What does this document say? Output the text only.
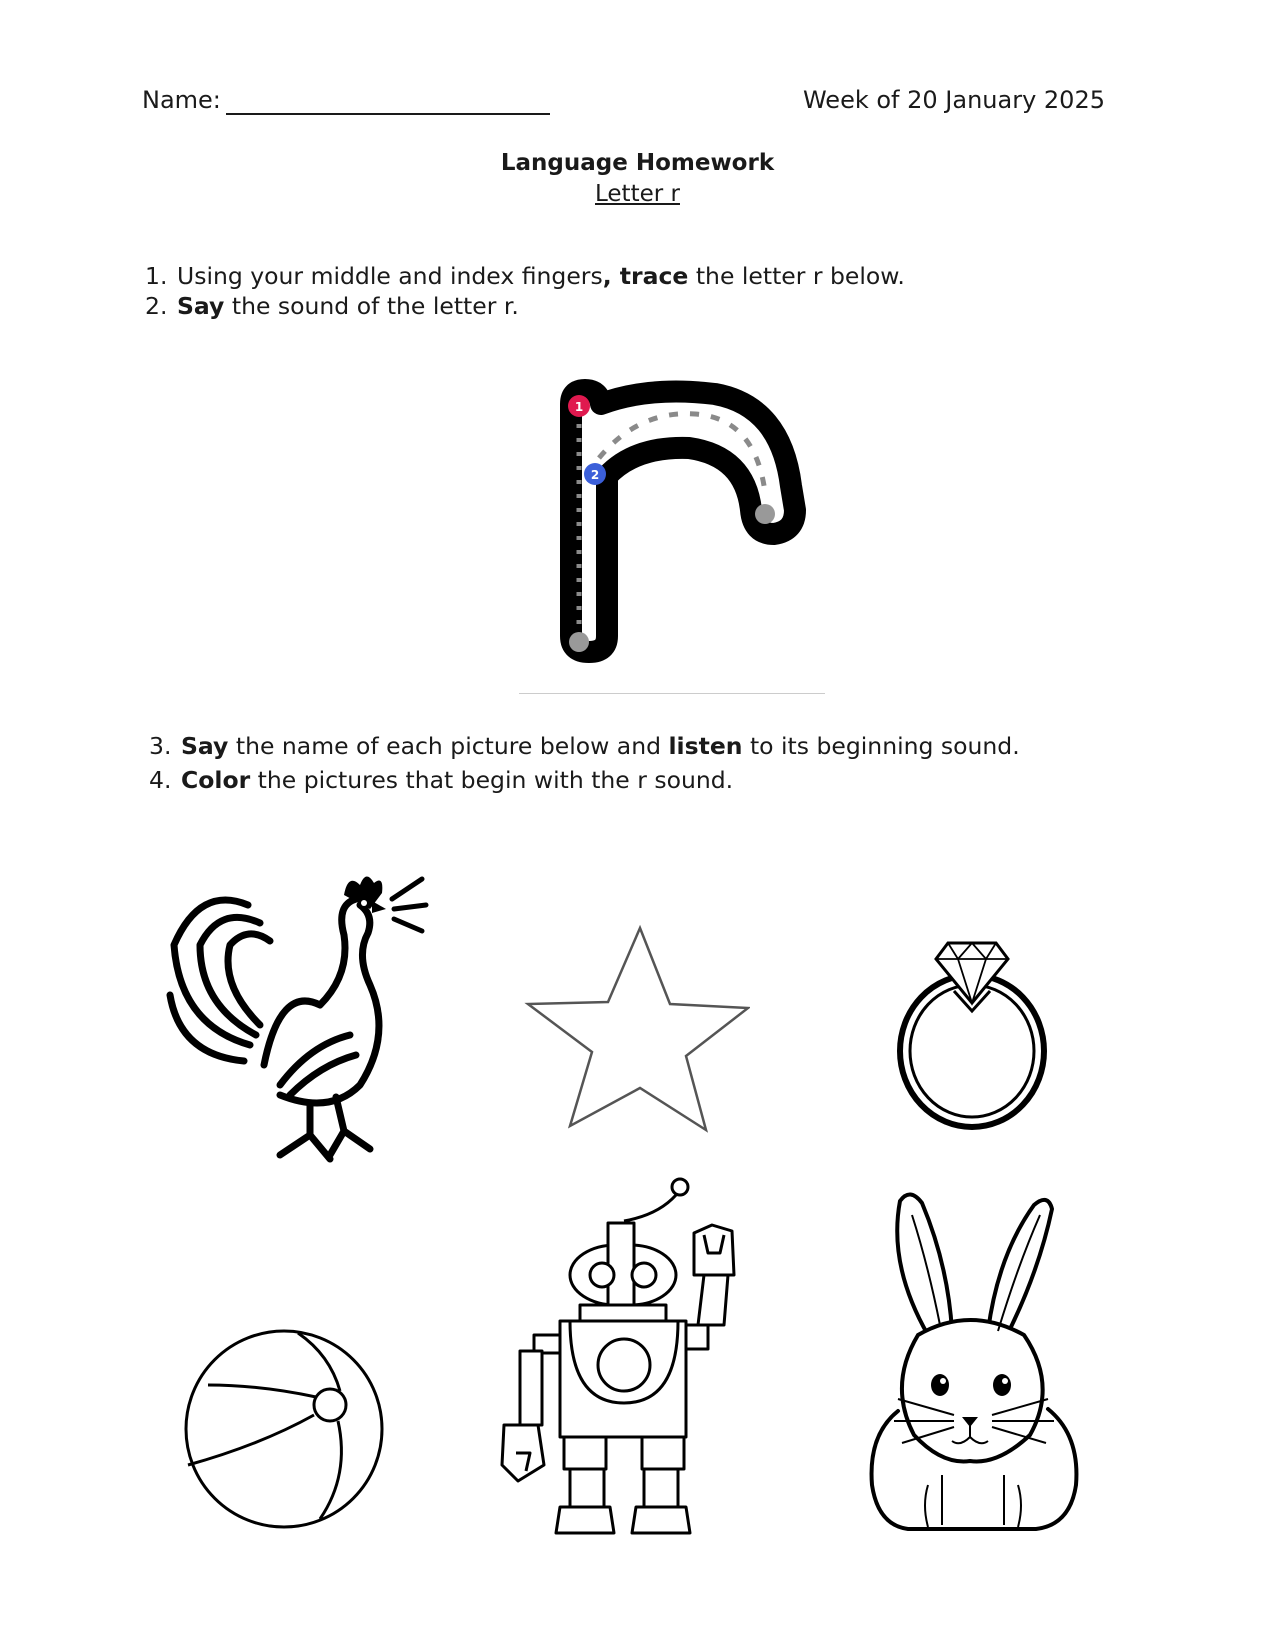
Name:	Week of 20 January 2025
Language Homework
Letter r
1. Using your middle and index fingers, trace the letter r below.
2. Say the sound of the letter r.
1
2
3. Say the name of each picture below and listen to its beginning sound.
4. Color the pictures that begin with the r sound.
